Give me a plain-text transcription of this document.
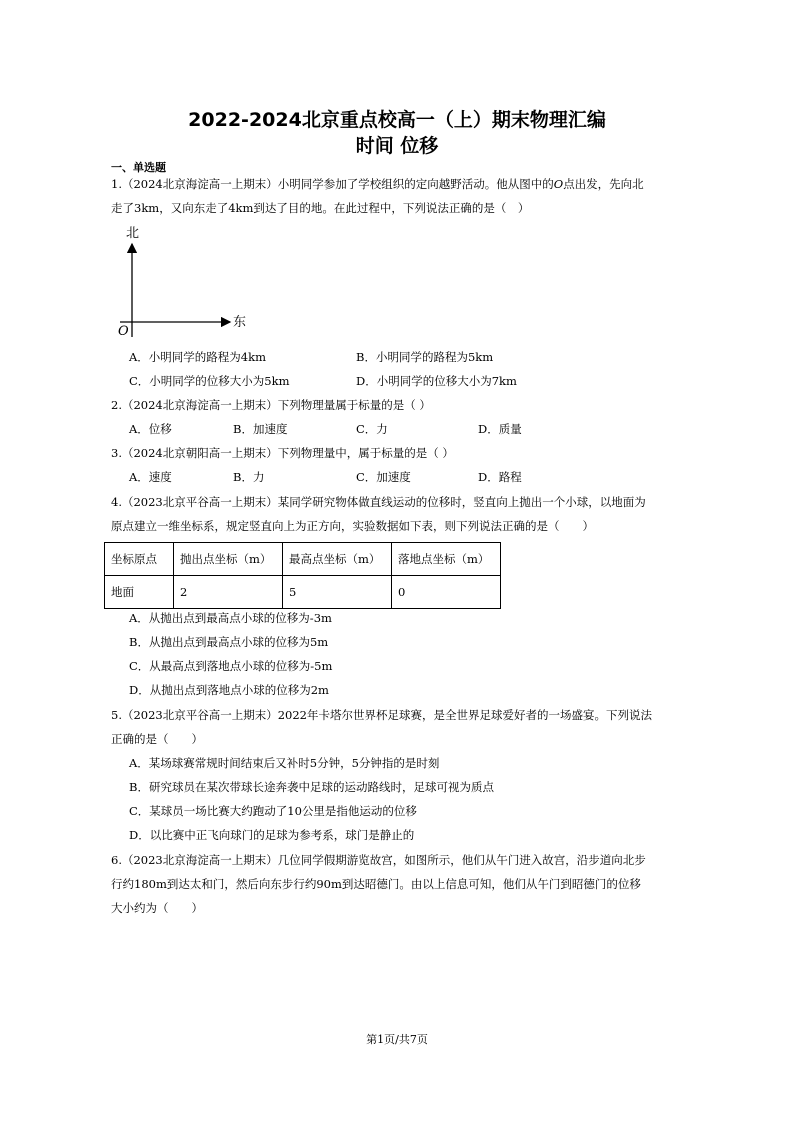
2022-2024北京重点校高一（上）期末物理汇编
时间 位移
一、单选题
1.（2024北京海淀高一上期末）小明同学参加了学校组织的定向越野活动。他从图中的O点出发，先向北
走了3km，又向东走了4km到达了目的地。在此过程中，下列说法正确的是（　）
北
东
O
A．小明同学的路程为4km	B．小明同学的路程为5km
C．小明同学的位移大小为5km	D．小明同学的位移大小为7km
2.（2024北京海淀高一上期末）下列物理量属于标量的是（ ）
A．位移	B．加速度	C．力	D．质量
3.（2024北京朝阳高一上期末）下列物理量中，属于标量的是（ ）
A．速度	B．力	C．加速度	D．路程
4.（2023北京平谷高一上期末）某同学研究物体做直线运动的位移时，竖直向上抛出一个小球，以地面为
原点建立一维坐标系，规定竖直向上为正方向，实验数据如下表，则下列说法正确的是（　　）
坐标原点	抛出点坐标（m）	最高点坐标（m）	落地点坐标（m）
地面	2	5	0
A．从抛出点到最高点小球的位移为-3m
B．从抛出点到最高点小球的位移为5m
C．从最高点到落地点小球的位移为-5m
D．从抛出点到落地点小球的位移为2m
5.（2023北京平谷高一上期末）2022年卡塔尔世界杯足球赛，是全世界足球爱好者的一场盛宴。下列说法
正确的是（　　）
A．某场球赛常规时间结束后又补时5分钟，5分钟指的是时刻
B．研究球员在某次带球长途奔袭中足球的运动路线时，足球可视为质点
C．某球员一场比赛大约跑动了10公里是指他运动的位移
D．以比赛中正飞向球门的足球为参考系，球门是静止的
6.（2023北京海淀高一上期末）几位同学假期游览故宫，如图所示，他们从午门进入故宫，沿步道向北步
行约180m到达太和门，然后向东步行约90m到达昭德门。由以上信息可知，他们从午门到昭德门的位移
大小约为（　　）
第1页/共7页
